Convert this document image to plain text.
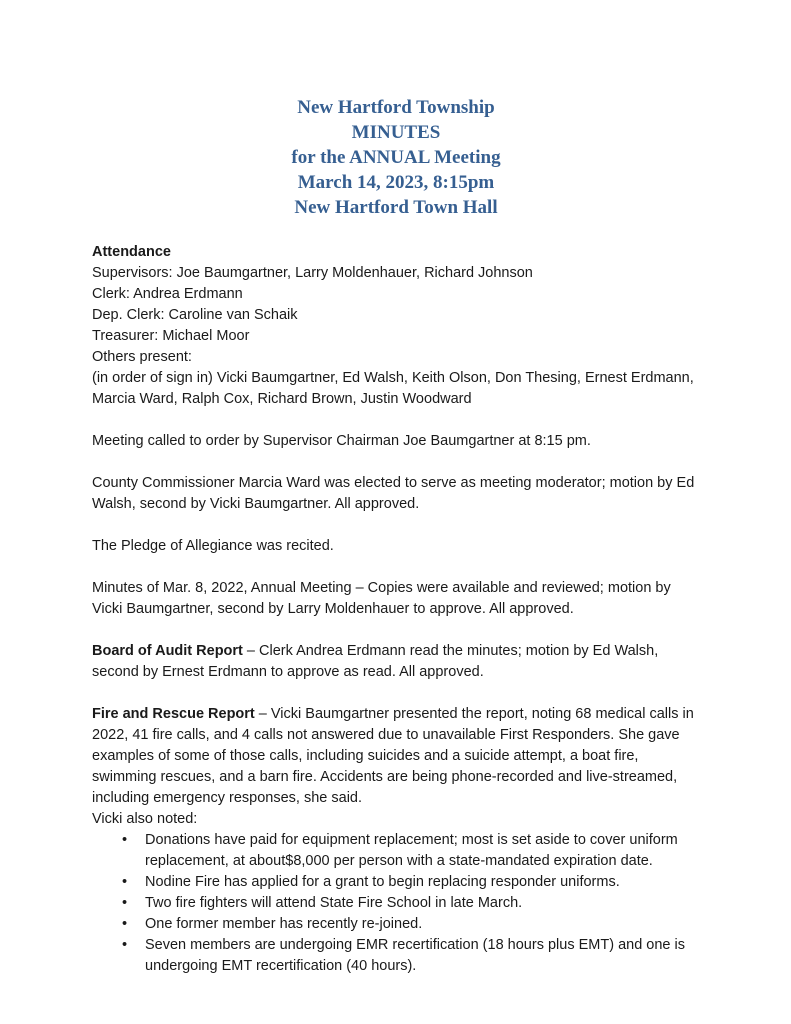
New Hartford Township
MINUTES
for the ANNUAL Meeting
March 14, 2023, 8:15pm
New Hartford Town Hall
Attendance
Supervisors: Joe Baumgartner, Larry Moldenhauer, Richard Johnson
Clerk: Andrea Erdmann
Dep. Clerk: Caroline van Schaik
Treasurer: Michael Moor
Others present:
(in order of sign in) Vicki Baumgartner, Ed Walsh, Keith Olson, Don Thesing, Ernest Erdmann, Marcia Ward, Ralph Cox, Richard Brown, Justin Woodward

Meeting called to order by Supervisor Chairman Joe Baumgartner at 8:15 pm.

County Commissioner Marcia Ward was elected to serve as meeting moderator; motion by Ed Walsh, second by Vicki Baumgartner. All approved.

The Pledge of Allegiance was recited.

Minutes of Mar. 8, 2022, Annual Meeting – Copies were available and reviewed; motion by Vicki Baumgartner, second by Larry Moldenhauer to approve. All approved.

Board of Audit Report – Clerk Andrea Erdmann read the minutes; motion by Ed Walsh, second by Ernest Erdmann to approve as read. All approved.

Fire and Rescue Report – Vicki Baumgartner presented the report, noting 68 medical calls in 2022, 41 fire calls, and 4 calls not answered due to unavailable First Responders. She gave examples of some of those calls, including suicides and a suicide attempt, a boat fire, swimming rescues, and a barn fire. Accidents are being phone-recorded and live-streamed, including emergency responses, she said.

Vicki also noted:
• Donations have paid for equipment replacement; most is set aside to cover uniform replacement, at about$8,000 per person with a state-mandated expiration date.
• Nodine Fire has applied for a grant to begin replacing responder uniforms.
• Two fire fighters will attend State Fire School in late March.
• One former member has recently re-joined.
• Seven members are undergoing EMR recertification (18 hours plus EMT) and one is undergoing EMT recertification (40 hours).
